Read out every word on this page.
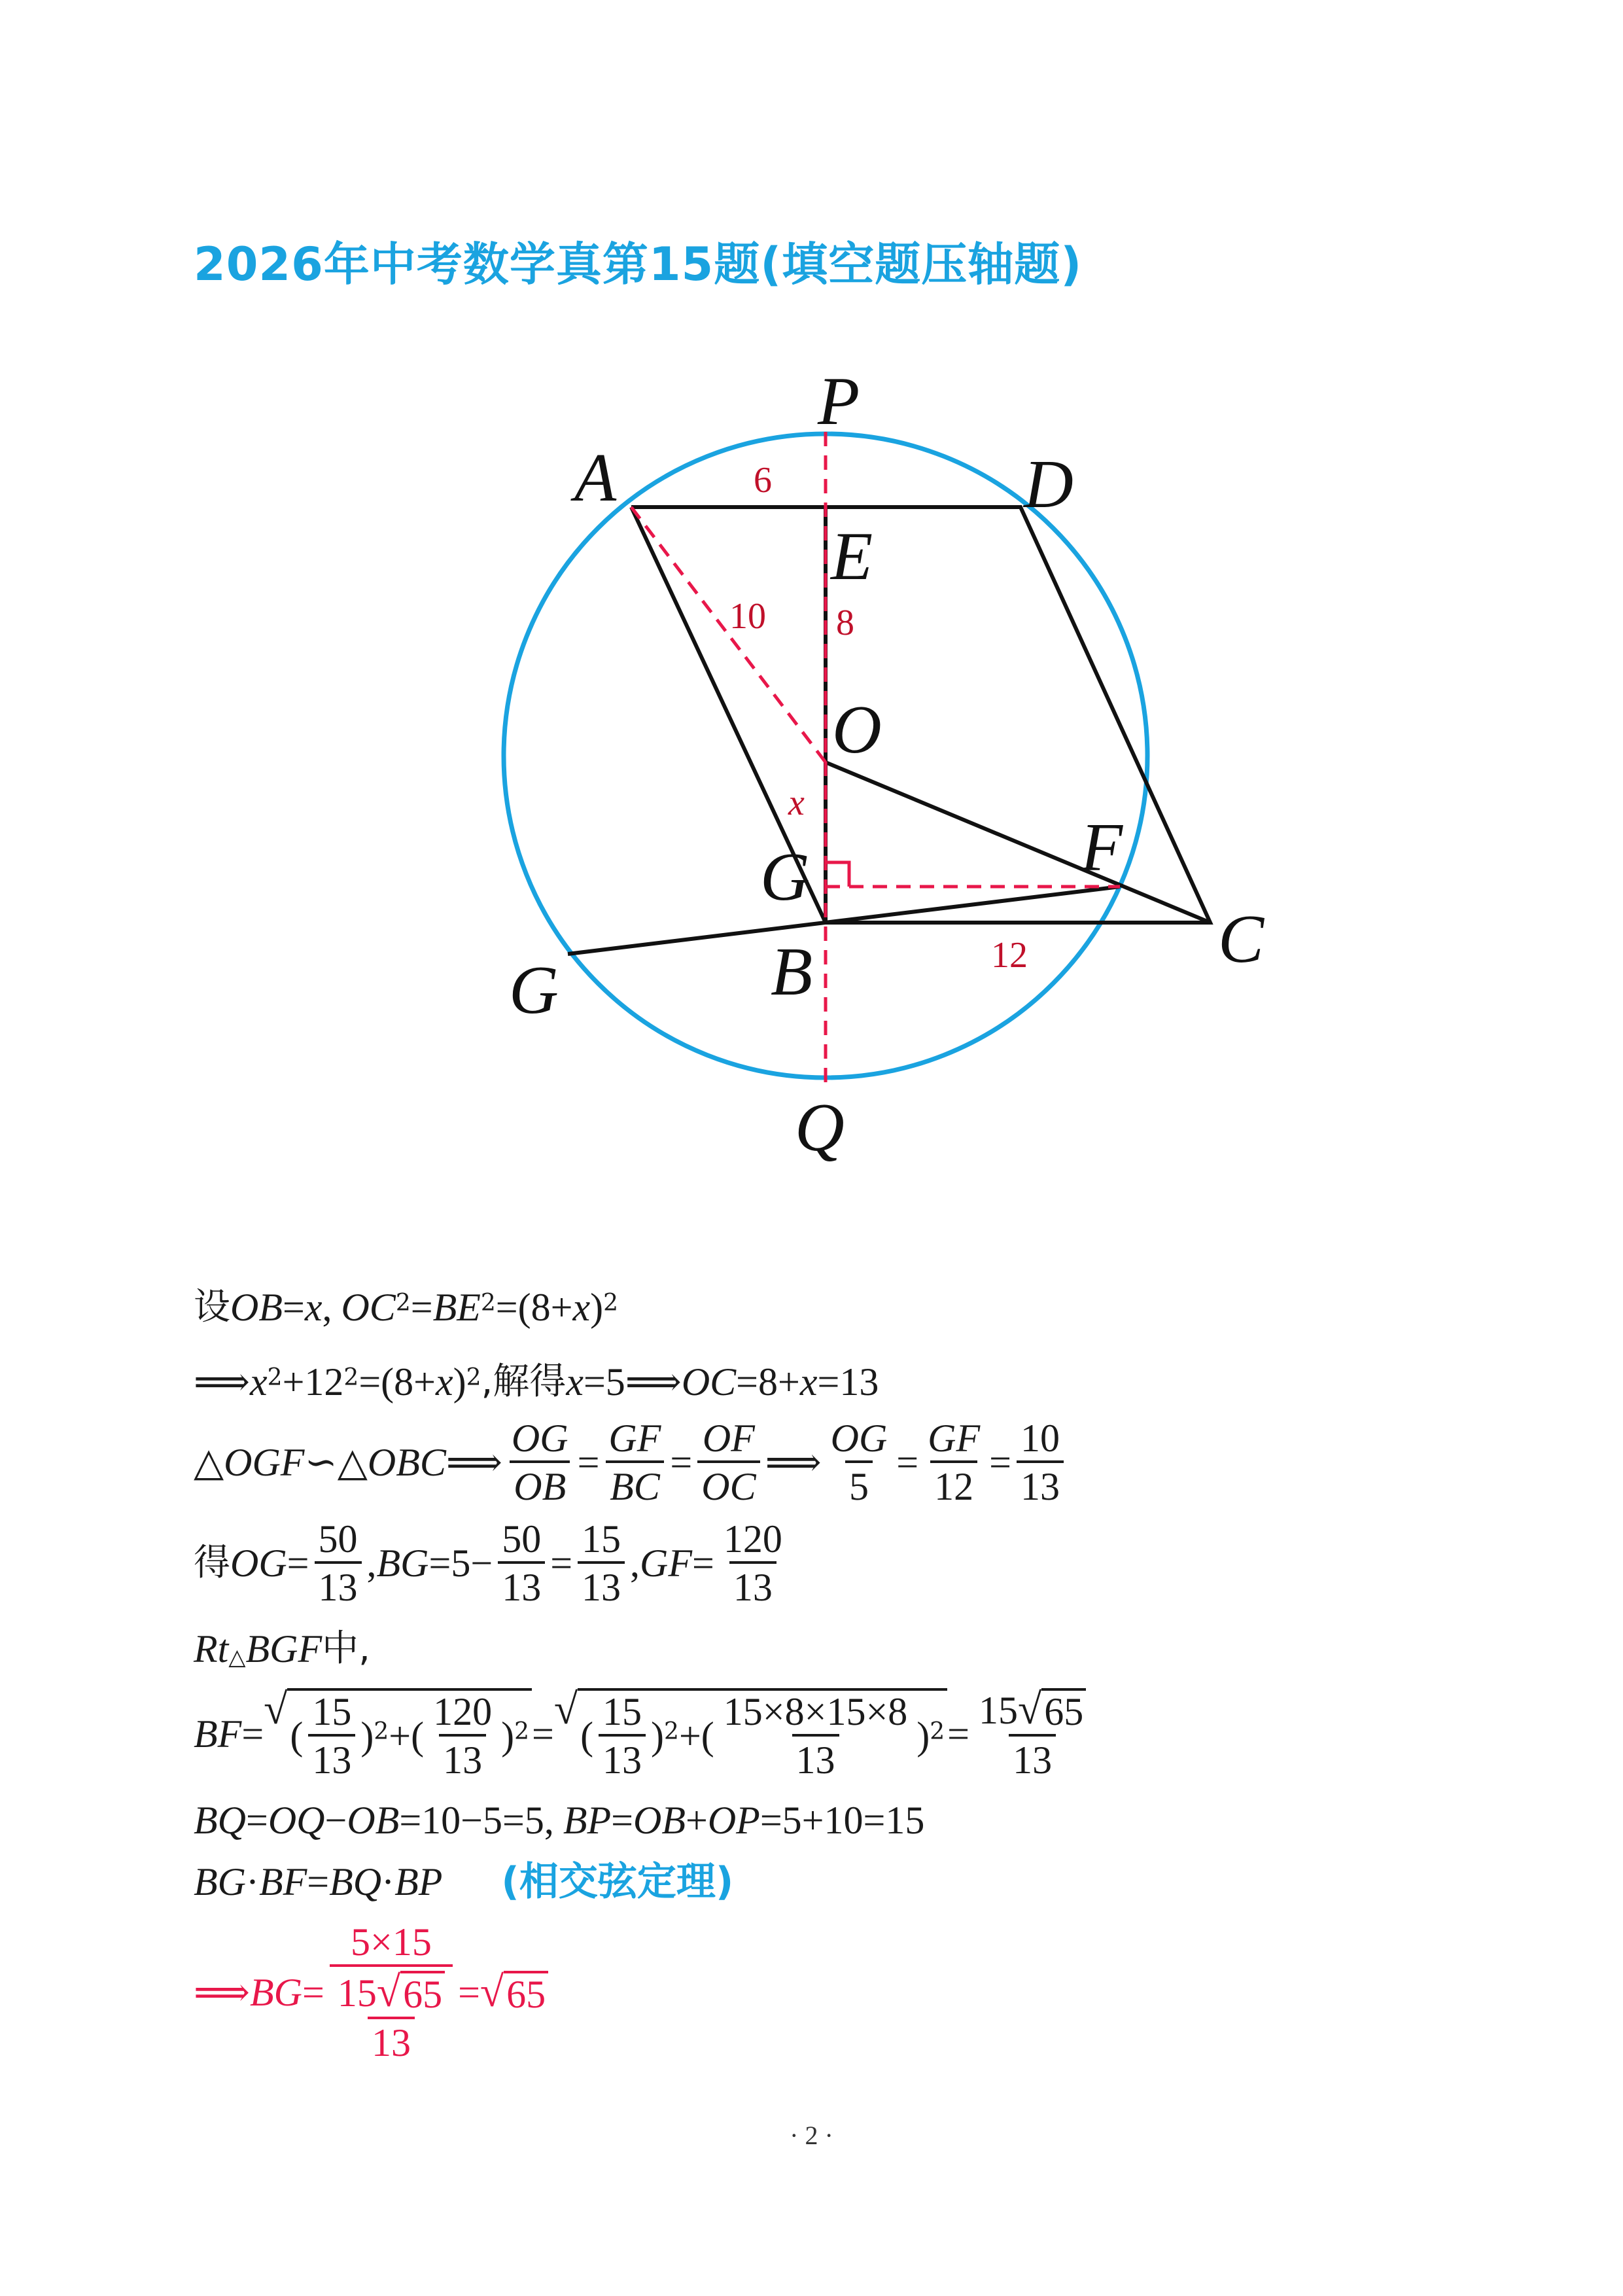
2026年中考数学真第15题(填空题压轴题)
P
A	D
E
O
F
G
C
G	B
Q
6
10 8
x
12
设 OB = x , $OC^2 = BE^2 =(8+ x$ )$^2$
⟹ $x^2 +12^2 =(8+ x$ )$^2$ ,解得 x =5⟹ OC =8+ x =13
△OGF∽△OBC⟹ $\frac{OG}{OB} = \frac{GF}{BC} = \frac{OF}{OC}$ ⟹ $\frac{OG}{5} = \frac{GF}{12} = \frac{10}{13}$
得 OG = $\frac{50}{13}$ , BG $=5- \frac{50}{13} = \frac{15}{13}$ , GF = $\frac{120}{13}$
Rt △ BGF 中,
BF =
√
( $\frac{15}{13} )^2$ +( $\frac{120}{13} )^2$ =
√
( $\frac{15}{13} )^2$ +( $\frac{15\times 8\times 15\times 8}{13} )^2 = \frac{15 √ 65}{13}$
BQ = OQ − OB =10−5=5, BP = OB + OP =5+10=15
BG · BF = BQ · BP (相交弦定理)
⟹ BG = $\frac{5\times 15}{\frac{15 √ 65}{13}}$ = √ 65
· 2 ·
